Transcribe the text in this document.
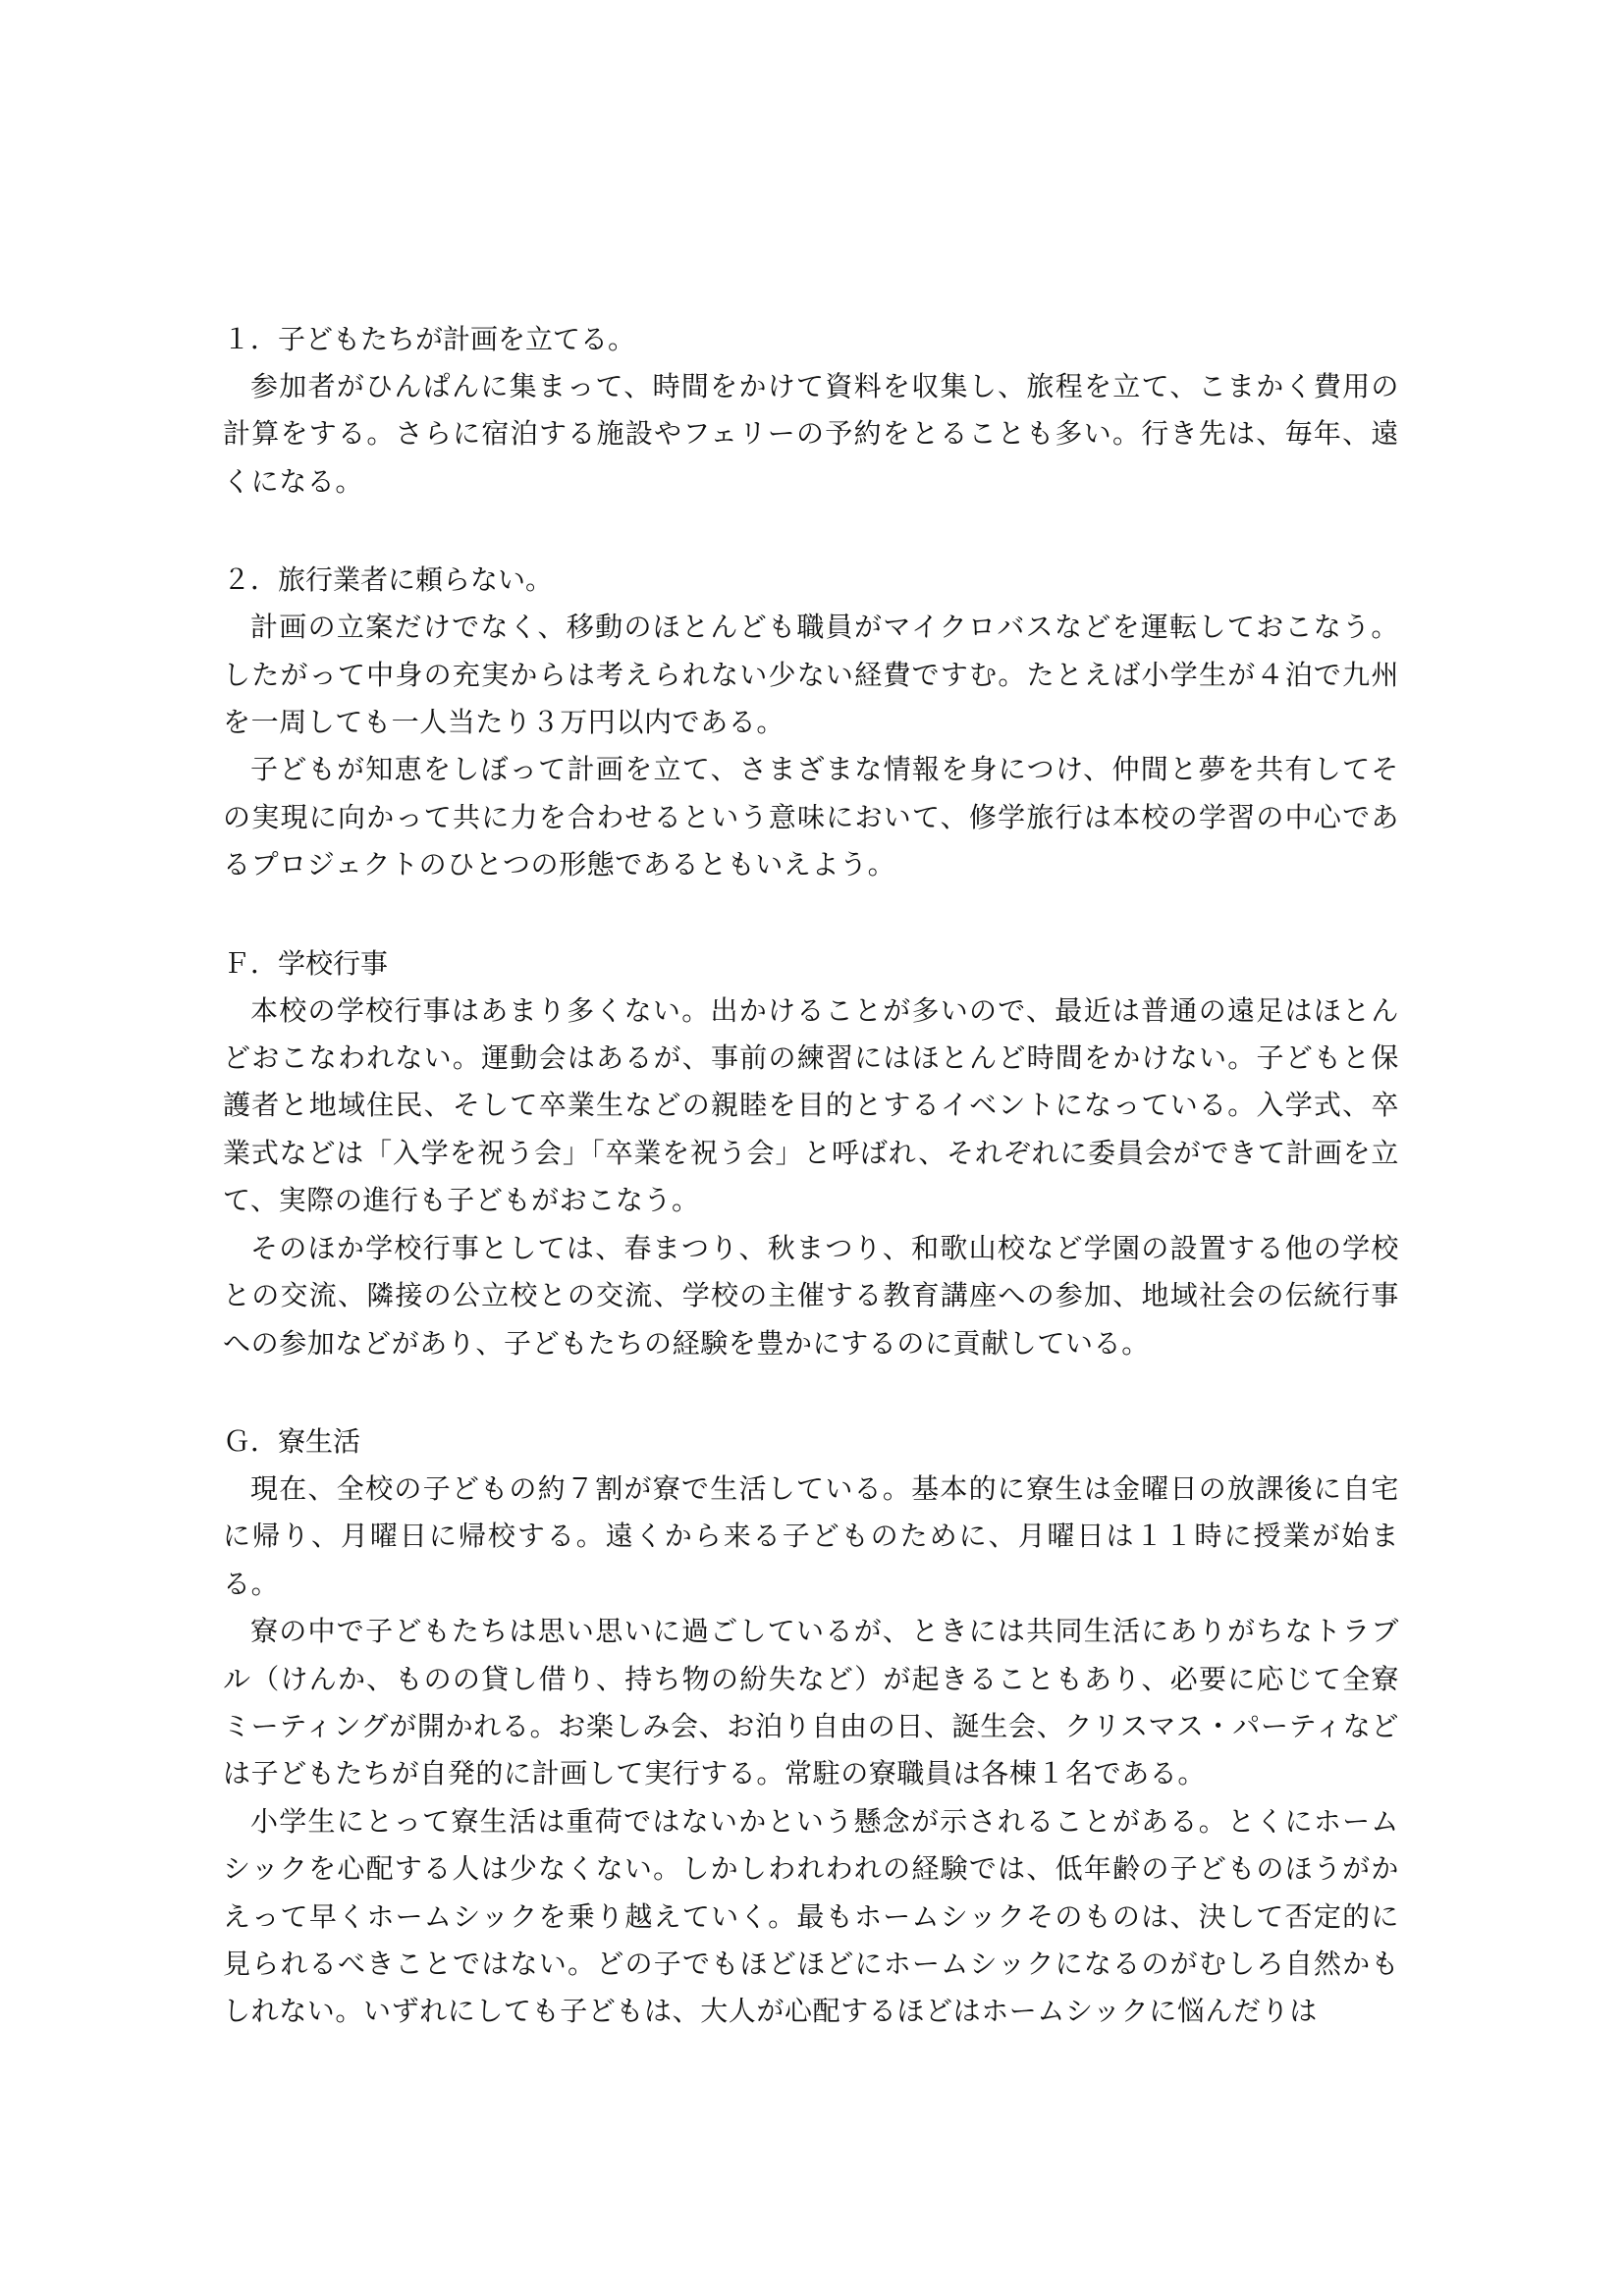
１．子どもたちが計画を立てる。

参加者がひんぱんに集まって、時間をかけて資料を収集し、旅程を立て、こまかく費用の計算をする。さらに宿泊する施設やフェリーの予約をとることも多い。行き先は、毎年、遠くになる。

２．旅行業者に頼らない。

計画の立案だけでなく、移動のほとんども職員がマイクロバスなどを運転しておこなう。したがって中身の充実からは考えられない少ない経費ですむ。たとえば小学生が４泊で九州を一周しても一人当たり３万円以内である。

子どもが知恵をしぼって計画を立て、さまざまな情報を身につけ、仲間と夢を共有してその実現に向かって共に力を合わせるという意味において、修学旅行は本校の学習の中心であるプロジェクトのひとつの形態であるともいえよう。

Ｆ．学校行事

本校の学校行事はあまり多くない。出かけることが多いので、最近は普通の遠足はほとんどおこなわれない。運動会はあるが、事前の練習にはほとんど時間をかけない。子どもと保護者と地域住民、そして卒業生などの親睦を目的とするイベントになっている。入学式、卒業式などは「入学を祝う会」「卒業を祝う会」と呼ばれ、それぞれに委員会ができて計画を立て、実際の進行も子どもがおこなう。

そのほか学校行事としては、春まつり、秋まつり、和歌山校など学園の設置する他の学校との交流、隣接の公立校との交流、学校の主催する教育講座への参加、地域社会の伝統行事への参加などがあり、子どもたちの経験を豊かにするのに貢献している。

Ｇ．寮生活

現在、全校の子どもの約７割が寮で生活している。基本的に寮生は金曜日の放課後に自宅に帰り、月曜日に帰校する。遠くから来る子どものために、月曜日は１１時に授業が始まる。

寮の中で子どもたちは思い思いに過ごしているが、ときには共同生活にありがちなトラブル（けんか、ものの貸し借り、持ち物の紛失など）が起きることもあり、必要に応じて全寮ミーティングが開かれる。お楽しみ会、お泊り自由の日、誕生会、クリスマス・パーティなどは子どもたちが自発的に計画して実行する。常駐の寮職員は各棟１名である。

小学生にとって寮生活は重荷ではないかという懸念が示されることがある。とくにホームシックを心配する人は少なくない。しかしわれわれの経験では、低年齢の子どものほうがかえって早くホームシックを乗り越えていく。最もホームシックそのものは、決して否定的に見られるべきことではない。どの子でもほどほどにホームシックになるのがむしろ自然かもしれない。いずれにしても子どもは、大人が心配するほどはホームシックに悩んだりは
